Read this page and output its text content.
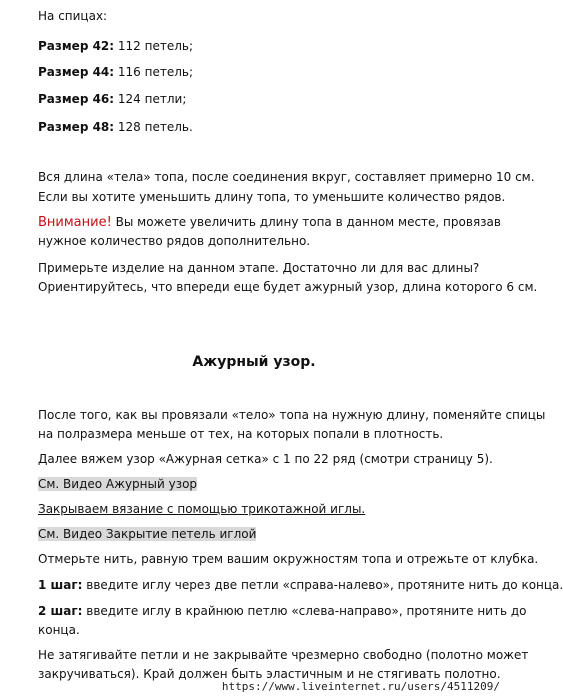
На спицах:

Размер 42: 112 петель;

Размер 44: 116 петель;

Размер 46: 124 петли;

Размер 48: 128 петель.

Вся длина «тела» топа, после соединения вкруг, составляет примерно 10 см.

Если вы хотите уменьшить длину топа, то уменьшите количество рядов.

Внимание! Вы можете увеличить длину топа в данном месте, провязав

нужное количество рядов дополнительно.

Примерьте изделие на данном этапе. Достаточно ли для вас длины?

Ориентируйтесь, что впереди еще будет ажурный узор, длина которого 6 см.

Ажурный узор.

После того, как вы провязали «тело» топа на нужную длину, поменяйте спицы

на полразмера меньше от тех, на которых попали в плотность.

Далее вяжем узор «Ажурная сетка» с 1 по 22 ряд (смотри страницу 5).

См. Видео Ажурный узор

Закрываем вязание с помощью трикотажной иглы.

См. Видео Закрытие петель иглой

Отмерьте нить, равную трем вашим окружностям топа и отрежьте от клубка.

1 шаг: введите иглу через две петли «справа-налево», протяните нить до конца.

2 шаг: введите иглу в крайнюю петлю «слева-направо», протяните нить до

конца.

Не затягивайте петли и не закрывайте чрезмерно свободно (полотно может

закручиваться). Край должен быть эластичным и не стягивать полотно.

https://www.liveinternet.ru/users/4511209/
